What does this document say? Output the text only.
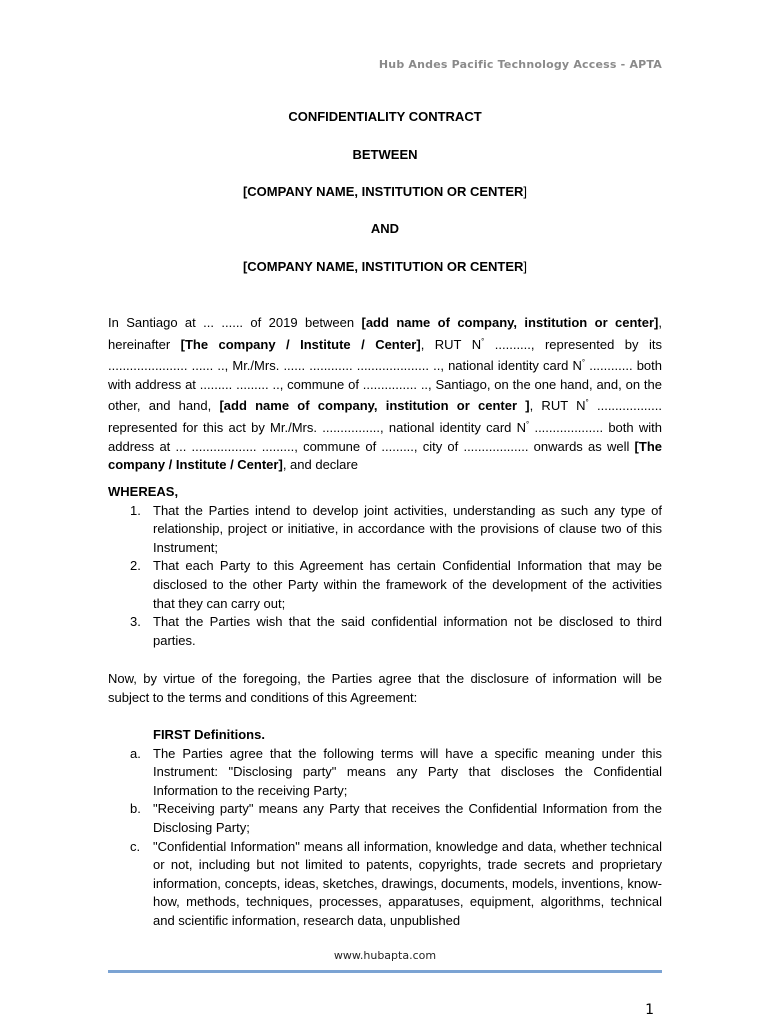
Hub Andes Pacific Technology Access - APTA
CONFIDENTIALITY CONTRACT
BETWEEN
[COMPANY NAME, INSTITUTION OR CENTER]
AND
[COMPANY NAME, INSTITUTION OR CENTER]
In Santiago at ... ...... of 2019 between [add name of company, institution or center], hereinafter [The company / Institute / Center], RUT N° .........., represented by its ...................... ...... .., Mr./Mrs. ...... ............ .................... .., national identity card N° ............ both with address at ......... ......... .., commune of ............... .., Santiago, on the one hand, and, on the other, and hand, [add name of company, institution or center ], RUT N° .................. represented for this act by Mr./Mrs. ................, national identity card N° ................... both with address at ... .................. ........., commune of ........., city of .................. onwards as well [The company / Institute / Center], and declare
WHEREAS,
1. That the Parties intend to develop joint activities, understanding as such any type of relationship, project or initiative, in accordance with the provisions of clause two of this Instrument;
2. That each Party to this Agreement has certain Confidential Information that may be disclosed to the other Party within the framework of the development of the activities that they can carry out;
3. That the Parties wish that the said confidential information not be disclosed to third parties.
Now, by virtue of the foregoing, the Parties agree that the disclosure of information will be subject to the terms and conditions of this Agreement:
FIRST Definitions.
a. The Parties agree that the following terms will have a specific meaning under this Instrument: "Disclosing party" means any Party that discloses the Confidential Information to the receiving Party;
b. "Receiving party" means any Party that receives the Confidential Information from the Disclosing Party;
c. "Confidential Information" means all information, knowledge and data, whether technical or not, including but not limited to patents, copyrights, trade secrets and proprietary information, concepts, ideas, sketches, drawings, documents, models, inventions, know-how, methods, techniques, processes, apparatuses, equipment, algorithms, technical and scientific information, research data, unpublished
www.hubapta.com
1
